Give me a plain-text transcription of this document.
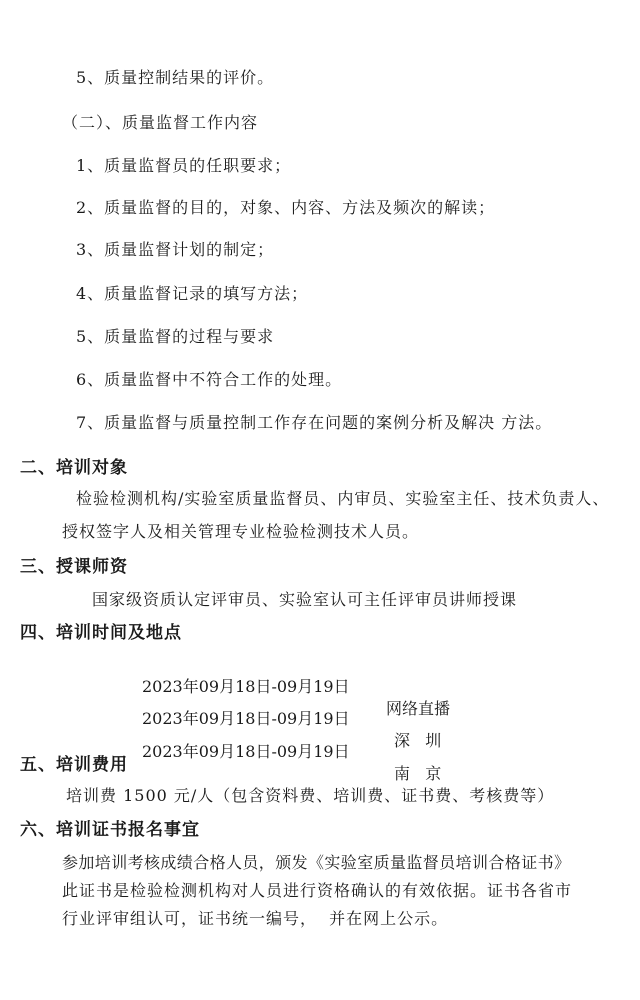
5、质量控制结果的评价。
（二）、质量监督工作内容
1、质量监督员的任职要求；
2、质量监督的目的，对象、内容、方法及频次的解读；
3、质量监督计划的制定；
4、质量监督记录的填写方法；
5、质量监督的过程与要求
6、质量监督中不符合工作的处理。
7、质量监督与质量控制工作存在问题的案例分析及解决 方法。
二、培训对象
检验检测机构/实验室质量监督员、内审员、实验室主任、技术负责人、
授权签字人及相关管理专业检验检测技术人员。
三、授课师资
国家级资质认定评审员、实验室认可主任评审员讲师授课
四、培训时间及地点

2023年09月18日-09月19日

网络直播

2023年09月18日-09月19日

深   圳

2023年09月18日-09月19日

南   京

五、培训费用
培训费 1500 元/人（包含资料费、培训费、证书费、考核费等）
六、培训证书报名事宜
参加培训考核成绩合格人员，颁发《实验室质量监督员培训合格证书》
此证书是检验检测机构对人员进行资格确认的有效依据。证书各省市
行业评审组认可，证书统一编号，  并在网上公示。
